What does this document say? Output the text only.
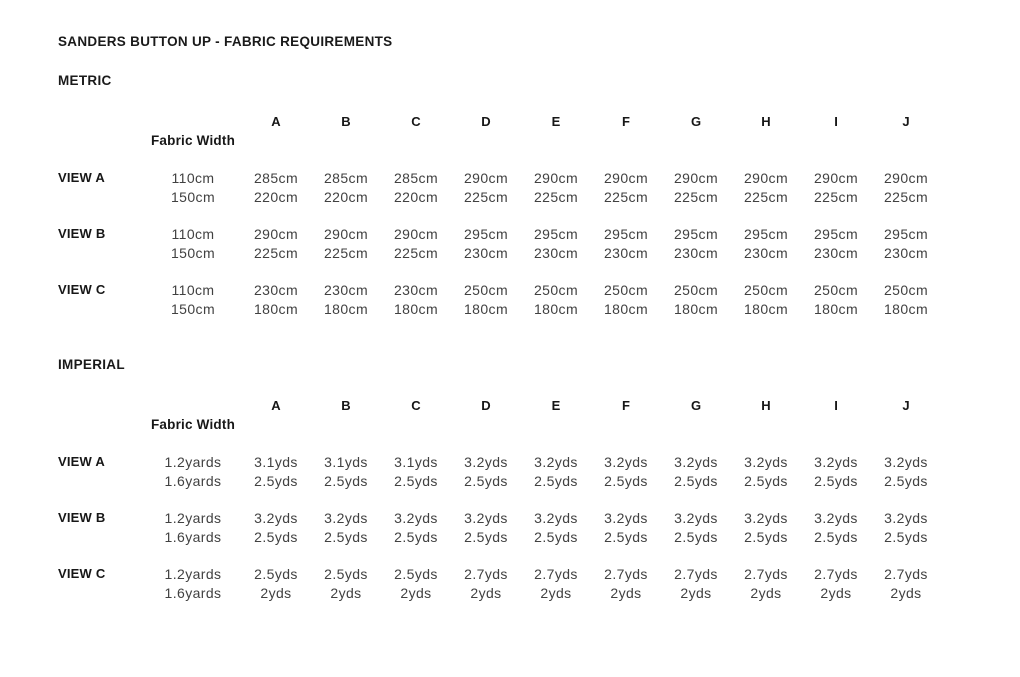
SANDERS BUTTON UP - FABRIC REQUIREMENTS
METRIC
		A	B	C	D	E	F	G	H	I	J
	Fabric Width										
VIEW A	110cm	285cm	285cm	285cm	290cm	290cm	290cm	290cm	290cm	290cm	290cm
	150cm	220cm	220cm	220cm	225cm	225cm	225cm	225cm	225cm	225cm	225cm
VIEW B	110cm	290cm	290cm	290cm	295cm	295cm	295cm	295cm	295cm	295cm	295cm
	150cm	225cm	225cm	225cm	230cm	230cm	230cm	230cm	230cm	230cm	230cm
VIEW C	110cm	230cm	230cm	230cm	250cm	250cm	250cm	250cm	250cm	250cm	250cm
	150cm	180cm	180cm	180cm	180cm	180cm	180cm	180cm	180cm	180cm	180cm
IMPERIAL
		A	B	C	D	E	F	G	H	I	J
	Fabric Width										
VIEW A	1.2yards	3.1yds	3.1yds	3.1yds	3.2yds	3.2yds	3.2yds	3.2yds	3.2yds	3.2yds	3.2yds
	1.6yards	2.5yds	2.5yds	2.5yds	2.5yds	2.5yds	2.5yds	2.5yds	2.5yds	2.5yds	2.5yds
VIEW B	1.2yards	3.2yds	3.2yds	3.2yds	3.2yds	3.2yds	3.2yds	3.2yds	3.2yds	3.2yds	3.2yds
	1.6yards	2.5yds	2.5yds	2.5yds	2.5yds	2.5yds	2.5yds	2.5yds	2.5yds	2.5yds	2.5yds
VIEW C	1.2yards	2.5yds	2.5yds	2.5yds	2.7yds	2.7yds	2.7yds	2.7yds	2.7yds	2.7yds	2.7yds
	1.6yards	2yds	2yds	2yds	2yds	2yds	2yds	2yds	2yds	2yds	2yds
